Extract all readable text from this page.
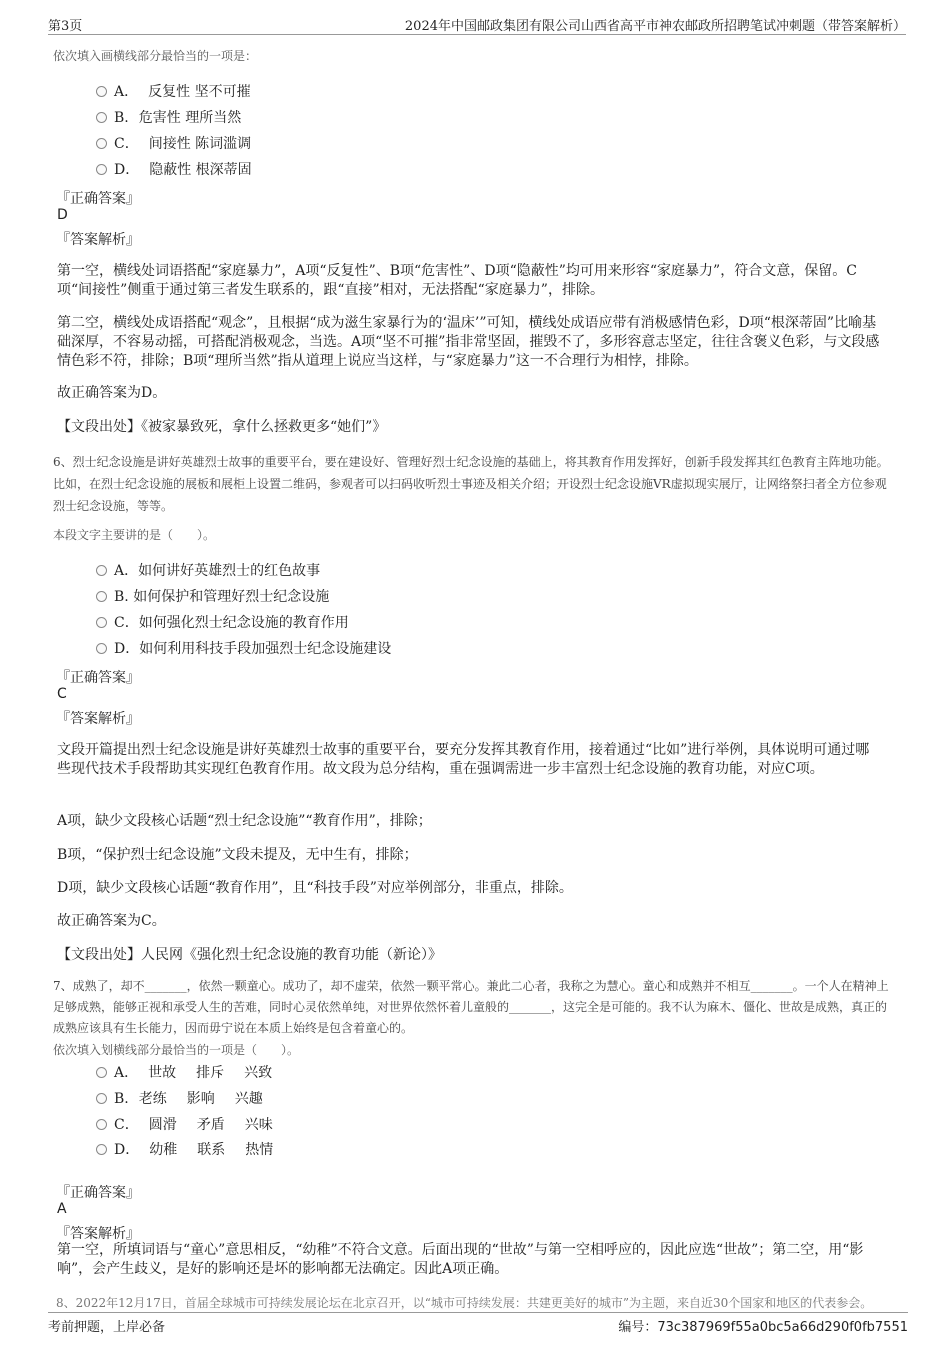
第3页	2024年中国邮政集团有限公司山西省高平市神农邮政所招聘笔试冲刺题（带答案解析）
依次填入画横线部分最恰当的一项是：
A． 反复性 坚不可摧
B. 危害性 理所当然
C． 间接性 陈词滥调
D． 隐蔽性 根深蒂固
『正确答案』
D
『答案解析』
第一空，横线处词语搭配“家庭暴力”，A项“反复性”、B项“危害性”、D项“隐蔽性”均可用来形容“家庭暴力”，符合文意，保留。C项“间接性”侧重于通过第三者发生联系的，跟“直接”相对，无法搭配“家庭暴力”，排除。
第二空，横线处成语搭配“观念”，且根据“成为滋生家暴行为的‘温床’”可知，横线处成语应带有消极感情色彩，D项“根深蒂固”比喻基础深厚，不容易动摇，可搭配消极观念，当选。A项“坚不可摧”指非常坚固，摧毁不了，多形容意志坚定，往往含褒义色彩，与文段感情色彩不符，排除；B项“理所当然”指从道理上说应当这样，与“家庭暴力”这一不合理行为相悖，排除。
故正确答案为D。
【文段出处】《被家暴致死，拿什么拯救更多“她们”》
6、烈士纪念设施是讲好英雄烈士故事的重要平台，要在建设好、管理好烈士纪念设施的基础上，将其教育作用发挥好，创新手段发挥其红色教育主阵地功能。比如，在烈士纪念设施的展板和展柜上设置二维码，参观者可以扫码收听烈士事迹及相关介绍；开设烈士纪念设施VR虚拟现实展厅，让网络祭扫者全方位参观烈士纪念设施，等等。
本段文字主要讲的是（　　）。
A．如何讲好英雄烈士的红色故事
B. 如何保护和管理好烈士纪念设施
C．如何强化烈士纪念设施的教育作用
D．如何利用科技手段加强烈士纪念设施建设
『正确答案』
C
『答案解析』
文段开篇提出烈士纪念设施是讲好英雄烈士故事的重要平台，要充分发挥其教育作用，接着通过“比如”进行举例，具体说明可通过哪些现代技术手段帮助其实现红色教育作用。故文段为总分结构，重在强调需进一步丰富烈士纪念设施的教育功能，对应C项。
A项，缺少文段核心话题“烈士纪念设施”“教育作用”，排除；
B项，“保护烈士纪念设施”文段未提及，无中生有，排除；
D项，缺少文段核心话题“教育作用”，且“科技手段”对应举例部分，非重点，排除。
故正确答案为C。
【文段出处】人民网《强化烈士纪念设施的教育功能（新论）》
7、成熟了，却不_______，依然一颗童心。成功了，却不虚荣，依然一颗平常心。兼此二心者，我称之为慧心。童心和成熟并不相互_______。一个人在精神上足够成熟，能够正视和承受人生的苦难，同时心灵依然单纯，对世界依然怀着儿童般的_______，这完全是可能的。我不认为麻木、僵化、世故是成熟，真正的成熟应该具有生长能力，因而毋宁说在本质上始终是包含着童心的。
依次填入划横线部分最恰当的一项是（　　）。
A． 世故 排斥 兴致
B. 老练 影响 兴趣
C． 圆滑 矛盾 兴味
D． 幼稚 联系 热情
『正确答案』
A
『答案解析』
第一空，所填词语与“童心”意思相反，“幼稚”不符合文意。后面出现的“世故”与第一空相呼应的，因此应选“世故”；第二空，用“影响”，会产生歧义，是好的影响还是坏的影响都无法确定。因此A项正确。
8、2022年12月17日，首届全球城市可持续发展论坛在北京召开，以“城市可持续发展：共建更美好的城市”为主题，来自近30个国家和地区的代表参会。
考前押题，上岸必备	编号：73c387969f55a0bc5a66d290f0fb7551
